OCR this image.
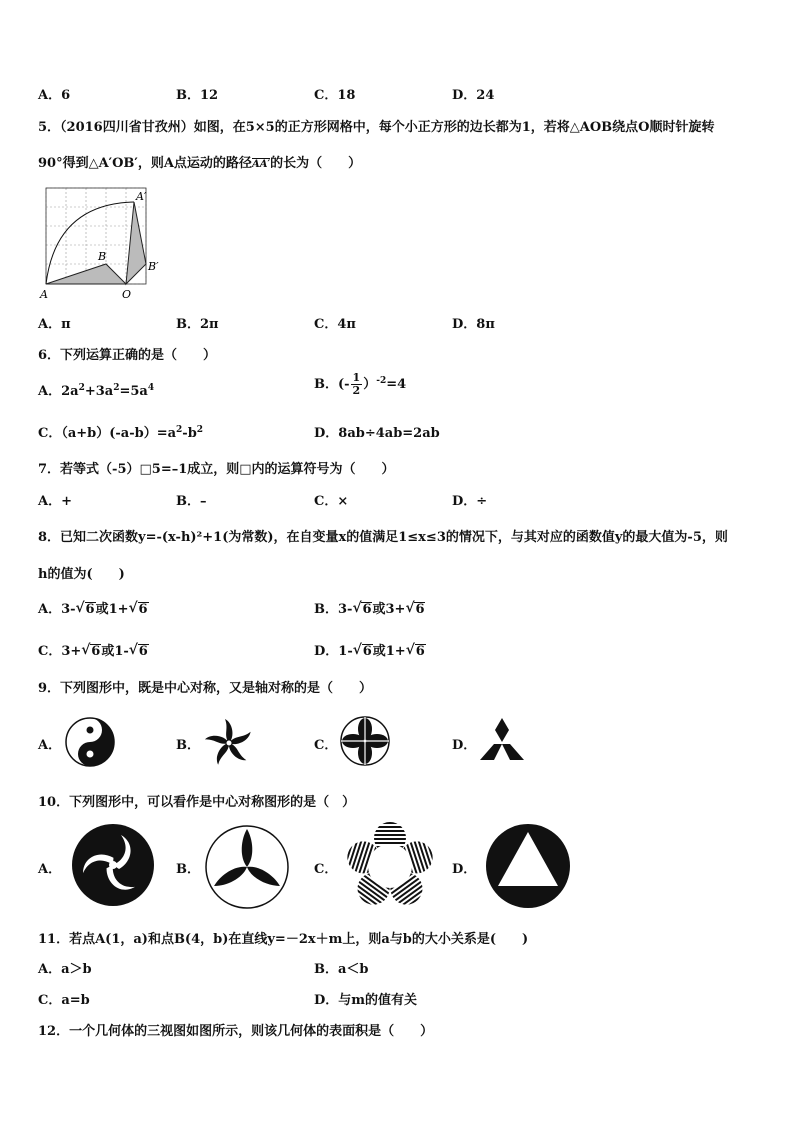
A．6	B．12	C．18	D．24
5．（2016四川省甘孜州）如图，在5×5的正方形网格中，每个小正方形的边长都为1，若将△AOB绕点O顺时针旋转
90°得到△A′OB′，则A点运动的路径AA′的长为（　　）
A	O
B
A′
B′
A．π	B．2π	C．4π	D．8π
6．下列运算正确的是（　　）
A．$2a^2+3a^2=5a^4$	B．(- $\frac{1}{2} )^{-2}=4$
C．$(a+b)(-a-b)=a^2-b^2$	D．8ab÷4ab=2ab
7．若等式（-5）□5=–1成立，则□内的运算符号为（　　）
A．+	B．–	C．×	D．÷
8．已知二次函数y=-(x-h)²+1(为常数)，在自变量x的值满足1≤x≤3的情况下，与其对应的函数值y的最大值为-5，则
h的值为(　　)
A．3- √ 6或1+ √ 6	B．3- √ 6或3+ √ 6
C．3+ √ 6或1- √ 6	D．1- √ 6或1+ √ 6
9．下列图形中，既是中心对称，又是轴对称的是（　　）
A．	B．	C．	D．
10．下列图形中，可以看作是中心对称图形的是（　）
A．	B．	C．	D．
11．若点A(1，a)和点B(4，b)在直线y=－2x＋m上，则a与b的大小关系是(　　)
A．a＞b	B．a＜b
C．a=b	D．与m的值有关
12．一个几何体的三视图如图所示，则该几何体的表面积是（　　）
